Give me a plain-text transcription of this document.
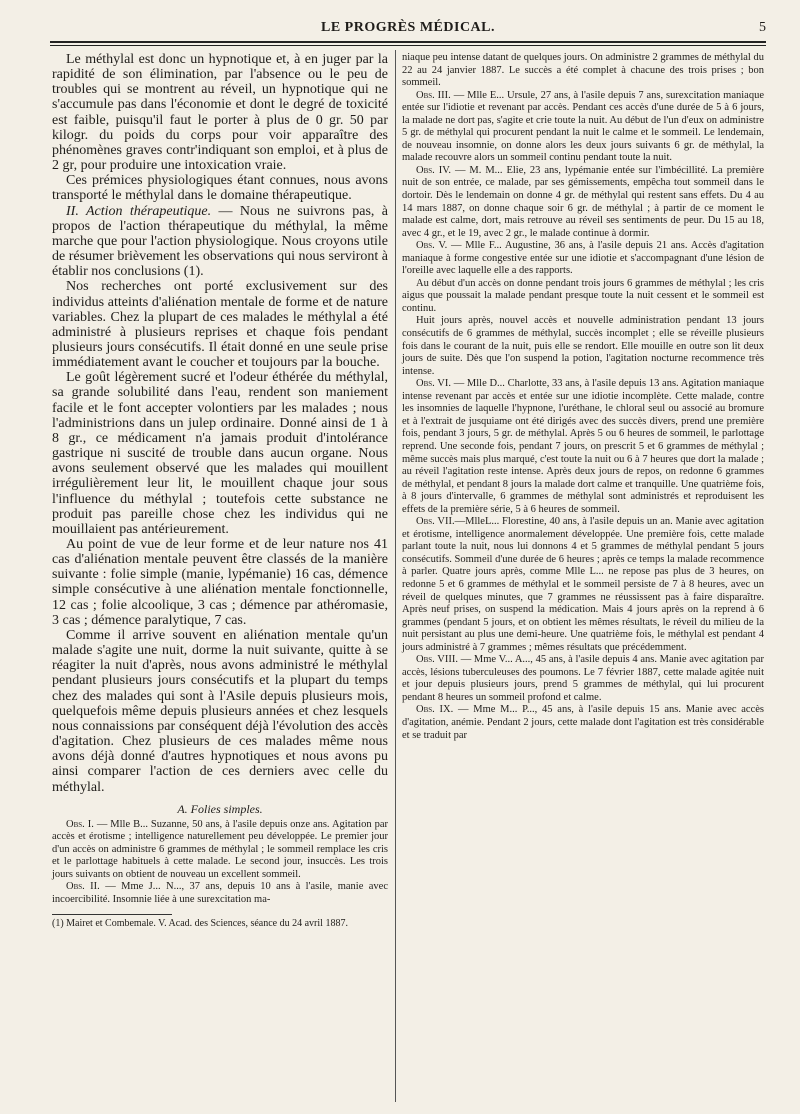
LE PROGRÈS MÉDICAL.	5

Le méthylal est donc un hypnotique et, à en juger par la rapidité de son élimination, par l'absence ou le peu de troubles qui se montrent au réveil, un hypnotique qui ne s'accumule pas dans l'économie et dont le degré de toxicité est faible, puisqu'il faut le porter à plus de 0 gr. 50 par kilogr. du poids du corps pour voir apparaître des phénomènes graves contr'indiquant son emploi, et à plus de 2 gr, pour produire une intoxication vraie.

Ces prémices physiologiques étant connues, nous avons transporté le méthylal dans le domaine thérapeutique.

II. Action thérapeutique. — Nous ne suivrons pas, à propos de l'action thérapeutique du méthylal, la même marche que pour l'action physiologique. Nous croyons utile de résumer brièvement les observations qui nous serviront à établir nos conclusions (1).

Nos recherches ont porté exclusivement sur des individus atteints d'aliénation mentale de forme et de nature variables. Chez la plupart de ces malades le méthylal a été administré à plusieurs reprises et chaque fois pendant plusieurs jours consécutifs. Il était donné en une seule prise immédiatement avant le coucher et toujours par la bouche.

Le goût légèrement sucré et l'odeur éthérée du méthylal, sa grande solubilité dans l'eau, rendent son maniement facile et le font accepter volontiers par les malades ; nous l'administrions dans un julep ordinaire. Donné ainsi de 1 à 8 gr., ce médicament n'a jamais produit d'intolérance gastrique ni suscité de trouble dans aucun organe. Nous avons seulement observé que les malades qui mouillent irrégulièrement leur lit, le mouillent chaque jour sous l'influence du méthylal ; toutefois cette substance ne produit pas pareille chose chez les individus qui ne mouillaient pas antérieurement.

Au point de vue de leur forme et de leur nature nos 41 cas d'aliénation mentale peuvent être classés de la manière suivante : folie simple (manie, lypémanie) 16 cas, démence simple consécutive à une aliénation mentale fonctionnelle, 12 cas ; folie alcoolique, 3 cas ; démence par athéromasie, 3 cas ; démence paralytique, 7 cas.

Comme il arrive souvent en aliénation mentale qu'un malade s'agite une nuit, dorme la nuit suivante, quitte à se réagiter la nuit d'après, nous avons administré le méthylal pendant plusieurs jours consécutifs et la plupart du temps chez des malades qui sont à l'Asile depuis plusieurs mois, quelquefois même depuis plusieurs années et chez lesquels nous connaissions par conséquent déjà l'évolution des accès d'agitation. Chez plusieurs de ces malades même nous avons déjà donné d'autres hypnotiques et nous avons pu ainsi comparer l'action de ces derniers avec celle du méthylal.

A. Folies simples.

Obs. I. — Mlle B... Suzanne, 50 ans, à l'asile depuis onze ans. Agitation par accès et érotisme ; intelligence naturellement peu développée. Le premier jour d'un accès on administre 6 grammes de méthylal ; le sommeil remplace les cris et le parlottage habituels à cette malade. Le second jour, insuccès. Les trois jours suivants on obtient de nouveau un excellent sommeil.

Obs. II. — Mme J... N..., 37 ans, depuis 10 ans à l'asile, manie avec incoercibilité. Insomnie liée à une surexcitation ma-

(1) Mairet et Combemale. V. Acad. des Sciences, séance du 24 avril 1887.

niaque peu intense datant de quelques jours. On administre 2 grammes de méthylal du 22 au 24 janvier 1887. Le succès a été complet à chacune des trois prises ; bon sommeil.

Obs. III. — Mlle E... Ursule, 27 ans, à l'asile depuis 7 ans, surexcitation maniaque entée sur l'idiotie et revenant par accès. Pendant ces accès d'une durée de 5 à 6 jours, la malade ne dort pas, s'agite et crie toute la nuit. Au début de l'un d'eux on administre 5 gr. de méthylal qui procurent pendant la nuit le calme et le sommeil. Le lendemain, de nouveau insomnie, on donne alors les deux jours suivants 6 gr. de méthylal, la malade recouvre alors un sommeil continu pendant toute la nuit.

Obs. IV. — M. M... Elie, 23 ans, lypémanie entée sur l'imbécillité. La première nuit de son entrée, ce malade, par ses gémissements, empêcha tout sommeil dans le dortoir. Dès le lendemain on donne 4 gr. de méthylal qui restent sans effets. Du 4 au 14 mars 1887, on donne chaque soir 6 gr. de méthylal ; à partir de ce moment le malade est calme, dort, mais retrouve au réveil ses sentiments de peur. Du 15 au 18, avec 4 gr., et le 19, avec 2 gr., le malade continue à dormir.

Obs. V. — Mlle F... Augustine, 36 ans, à l'asile depuis 21 ans. Accès d'agitation maniaque à forme congestive entée sur une idiotie et s'accompagnant d'une lésion de l'oreille avec laquelle elle a des rapports.

Au début d'un accès on donne pendant trois jours 6 grammes de méthylal ; les cris aigus que poussait la malade pendant presque toute la nuit cessent et le sommeil est continu.

Huit jours après, nouvel accès et nouvelle administration pendant 13 jours consécutifs de 6 grammes de méthylal, succès incomplet ; elle se réveille plusieurs fois dans le courant de la nuit, puis elle se rendort. Elle mouille en outre son lit deux jours de suite. Dès que l'on suspend la potion, l'agitation nocturne recommence très intense.

Obs. VI. — Mlle D... Charlotte, 33 ans, à l'asile depuis 13 ans. Agitation maniaque intense revenant par accès et entée sur une idiotie incomplète. Cette malade, contre les insomnies de laquelle l'hypnone, l'uréthane, le chloral seul ou associé au bromure et à l'extrait de jusquiame ont été dirigés avec des succès divers, prend une première fois, pendant 3 jours, 5 gr. de méthylal. Après 5 ou 6 heures de sommeil, le parlottage reprend. Une seconde fois, pendant 7 jours, on prescrit 5 et 6 grammes de méthylal ; même succès mais plus marqué, c'est toute la nuit ou 6 à 7 heures que dort la malade ; au réveil l'agitation reste intense. Après deux jours de repos, on redonne 6 grammes de méthylal, et pendant 8 jours la malade dort calme et tranquille. Une quatrième fois, à 8 jours d'intervalle, 6 grammes de méthylal sont administrés et reproduisent les effets de la première série, 5 à 6 heures de sommeil.

Obs. VII.—MlleL... Florestine, 40 ans, à l'asile depuis un an. Manie avec agitation et érotisme, intelligence anormalement développée. Une première fois, cette malade parlant toute la nuit, nous lui donnons 4 et 5 grammes de méthylal pendant 5 jours consécutifs. Sommeil d'une durée de 6 heures ; après ce temps la malade recommence à parler. Quatre jours après, comme Mlle L... ne repose pas plus de 3 heures, on redonne 5 et 6 grammes de méthylal et le sommeil persiste de 7 à 8 heures, avec un réveil de quelques minutes, que 7 grammes ne réussissent pas à faire disparaître. Après neuf prises, on suspend la médication. Mais 4 jours après on la reprend à 6 grammes (pendant 5 jours, et on obtient les mêmes résultats, le réveil du milieu de la nuit persistant au plus une demi-heure. Une quatrième fois, le méthylal est pendant 4 jours administré à 7 grammes ; mêmes résultats que précédemment.

Obs. VIII. — Mme V... A..., 45 ans, à l'asile depuis 4 ans. Manie avec agitation par accès, lésions tuberculeuses des poumons. Le 7 février 1887, cette malade agitée nuit et jour depuis plusieurs jours, prend 5 grammes de méthylal, qui lui procurent pendant 8 heures un sommeil profond et calme.

Obs. IX. — Mme M... P..., 45 ans, à l'asile depuis 15 ans. Manie avec accès d'agitation, anémie. Pendant 2 jours, cette malade dont l'agitation est très considérable et se traduit par
